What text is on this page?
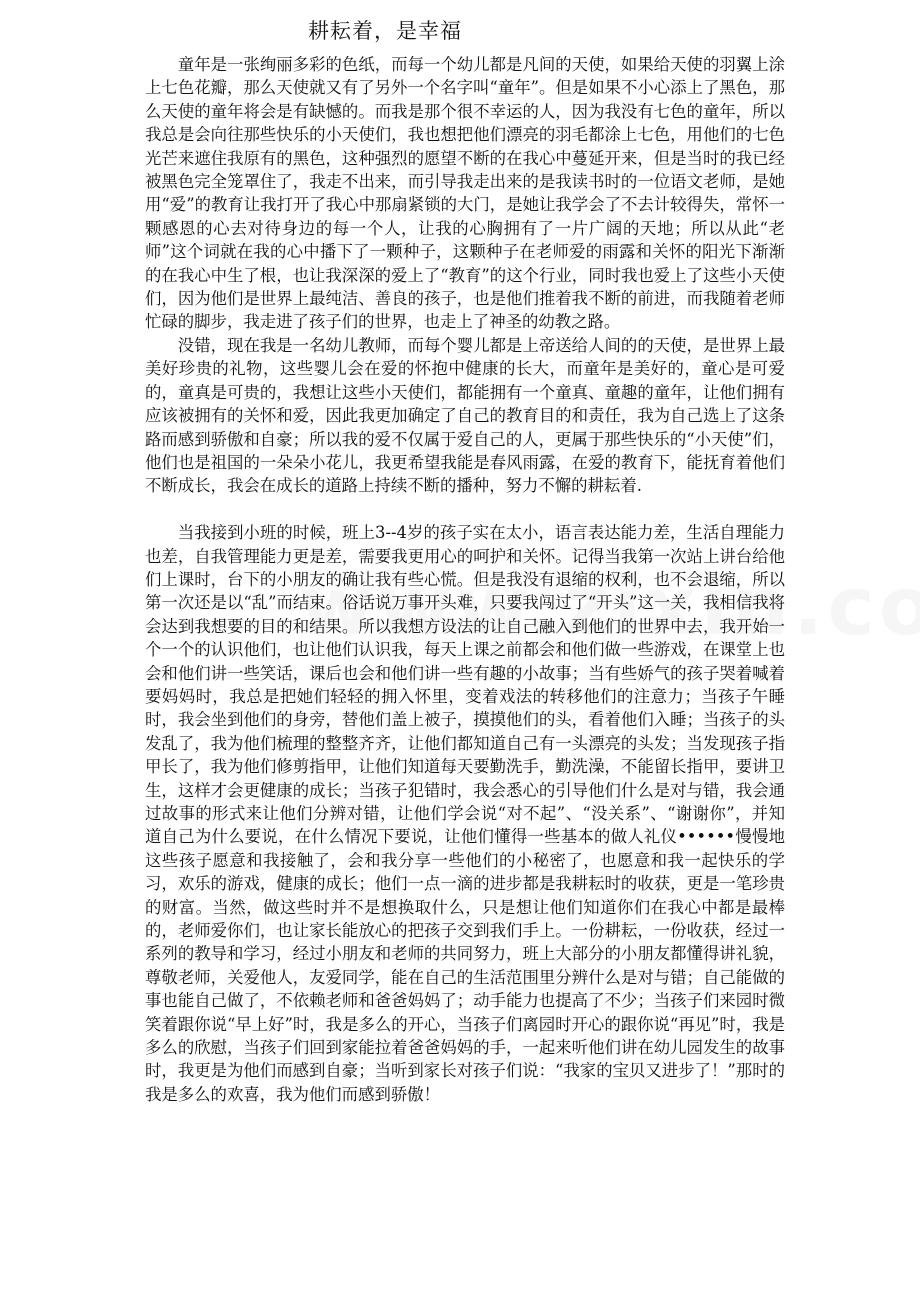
耕耘着，是幸福

童年是一张绚丽多彩的色纸，而每一个幼儿都是凡间的天使，如果给天使的羽翼上涂上七色花瓣，那么天使就又有了另外一个名字叫“童年”。但是如果不小心添上了黑色，那么天使的童年将会是有缺憾的。而我是那个很不幸运的人，因为我没有七色的童年，所以我总是会向往那些快乐的小天使们，我也想把他们漂亮的羽毛都涂上七色，用他们的七色光芒来遮住我原有的黑色，这种强烈的愿望不断的在我心中蔓延开来，但是当时的我已经被黑色完全笼罩住了，我走不出来，而引导我走出来的是我读书时的一位语文老师，是她用“爱”的教育让我打开了我心中那扇紧锁的大门，是她让我学会了不去计较得失，常怀一颗感恩的心去对待身边的每一个人，让我的心胸拥有了一片广阔的天地；所以从此“老师”这个词就在我的心中播下了一颗种子，这颗种子在老师爱的雨露和关怀的阳光下渐渐的在我心中生了根，也让我深深的爱上了“教育”的这个行业，同时我也爱上了这些小天使们，因为他们是世界上最纯洁、善良的孩子，也是他们推着我不断的前进，而我随着老师忙碌的脚步，我走进了孩子们的世界，也走上了神圣的幼教之路。

没错，现在我是一名幼儿教师，而每个婴儿都是上帝送给人间的的天使，是世界上最美好珍贵的礼物，这些婴儿会在爱的怀抱中健康的长大，而童年是美好的，童心是可爱的，童真是可贵的，我想让这些小天使们，都能拥有一个童真、童趣的童年，让他们拥有应该被拥有的关怀和爱，因此我更加确定了自己的教育目的和责任，我为自己选上了这条路而感到骄傲和自豪；所以我的爱不仅属于爱自己的人，更属于那些快乐的“小天使”们，他们也是祖国的一朵朵小花儿，我更希望我能是春风雨露，在爱的教育下，能抚育着他们不断成长，我会在成长的道路上持续不断的播种，努力不懈的耕耘着.

当我接到小班的时候，班上3--4岁的孩子实在太小，语言表达能力差，生活自理能力也差，自我管理能力更是差，需要我更用心的呵护和关怀。记得当我第一次站上讲台给他们上课时，台下的小朋友的确让我有些心慌。但是我没有退缩的权利，也不会退缩，所以第一次还是以“乱”而结束。俗话说万事开头难，只要我闯过了“开头”这一关，我相信我将会达到我想要的目的和结果。所以我想方设法的让自己融入到他们的世界中去，我开始一个一个的认识他们，也让他们认识我，每天上课之前都会和他们做一些游戏，在课堂上也会和他们讲一些笑话，课后也会和他们讲一些有趣的小故事；当有些娇气的孩子哭着喊着要妈妈时，我总是把她们轻轻的拥入怀里，变着戏法的转移他们的注意力；当孩子午睡时，我会坐到他们的身旁，替他们盖上被子，摸摸他们的头，看着他们入睡；当孩子的头发乱了，我为他们梳理的整整齐齐，让他们都知道自己有一头漂亮的头发；当发现孩子指甲长了，我为他们修剪指甲，让他们知道每天要勤洗手，勤洗澡，不能留长指甲，要讲卫生，这样才会更健康的成长；当孩子犯错时，我会悉心的引导他们什么是对与错，我会通过故事的形式来让他们分辨对错，让他们学会说“对不起”、“没关系”、“谢谢你”，并知道自己为什么要说，在什么情况下要说，让他们懂得一些基本的做人礼仪••••••慢慢地这些孩子愿意和我接触了，会和我分享一些他们的小秘密了，也愿意和我一起快乐的学习，欢乐的游戏，健康的成长；他们一点一滴的进步都是我耕耘时的收获，更是一笔珍贵的财富。当然，做这些时并不是想换取什么，只是想让他们知道你们在我心中都是最棒的，老师爱你们，也让家长能放心的把孩子交到我们手上。一份耕耘，一份收获，经过一系列的教导和学习，经过小朋友和老师的共同努力，班上大部分的小朋友都懂得讲礼貌，尊敬老师，关爱他人，友爱同学，能在自己的生活范围里分辨什么是对与错；自己能做的事也能自己做了，不依赖老师和爸爸妈妈了；动手能力也提高了不少；当孩子们来园时微笑着跟你说“早上好”时，我是多么的开心，当孩子们离园时开心的跟你说“再见”时，我是多么的欣慰，当孩子们回到家能拉着爸爸妈妈的手，一起来听他们讲在幼儿园发生的故事时，我更是为他们而感到自豪；当听到家长对孩子们说：“我家的宝贝又进步了！”那时的我是多么的欢喜，我为他们而感到骄傲！
